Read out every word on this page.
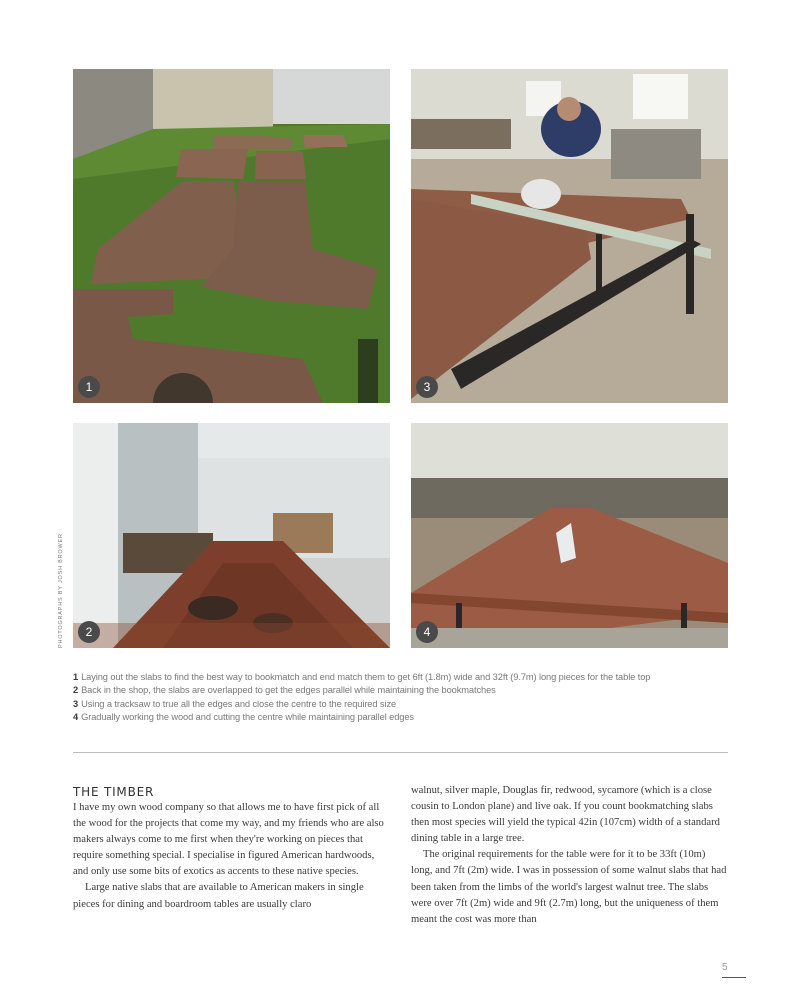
1	3
2	4
PHOTOGRAPHS BY JOSH BROWER
1 Laying out the slabs to find the best way to bookmatch and end match them to get 6ft (1.8m) wide and 32ft (9.7m) long pieces for the table top
2 Back in the shop, the slabs are overlapped to get the edges parallel while maintaining the bookmatches
3 Using a tracksaw to true all the edges and close the centre to the required size
4 Gradually working the wood and cutting the centre while maintaining parallel edges
THE TIMBER

I have my own wood company so that allows me to have first pick of all the wood for the projects that come my way, and my friends who are also makers always come to me first when they're working on pieces that require something special. I specialise in figured American hardwoods, and only use some bits of exotics as accents to these native species.

Large native slabs that are available to American makers in single pieces for dining and boardroom tables are usually claro

walnut, silver maple, Douglas fir, redwood, sycamore (which is a close cousin to London plane) and live oak. If you count bookmatching slabs then most species will yield the typical 42in (107cm) width of a standard dining table in a large tree.

The original requirements for the table were for it to be 33ft (10m) long, and 7ft (2m) wide. I was in possession of some walnut slabs that had been taken from the limbs of the world's largest walnut tree. The slabs were over 7ft (2m) wide and 9ft (2.7m) long, but the uniqueness of them meant the cost was more than

5
